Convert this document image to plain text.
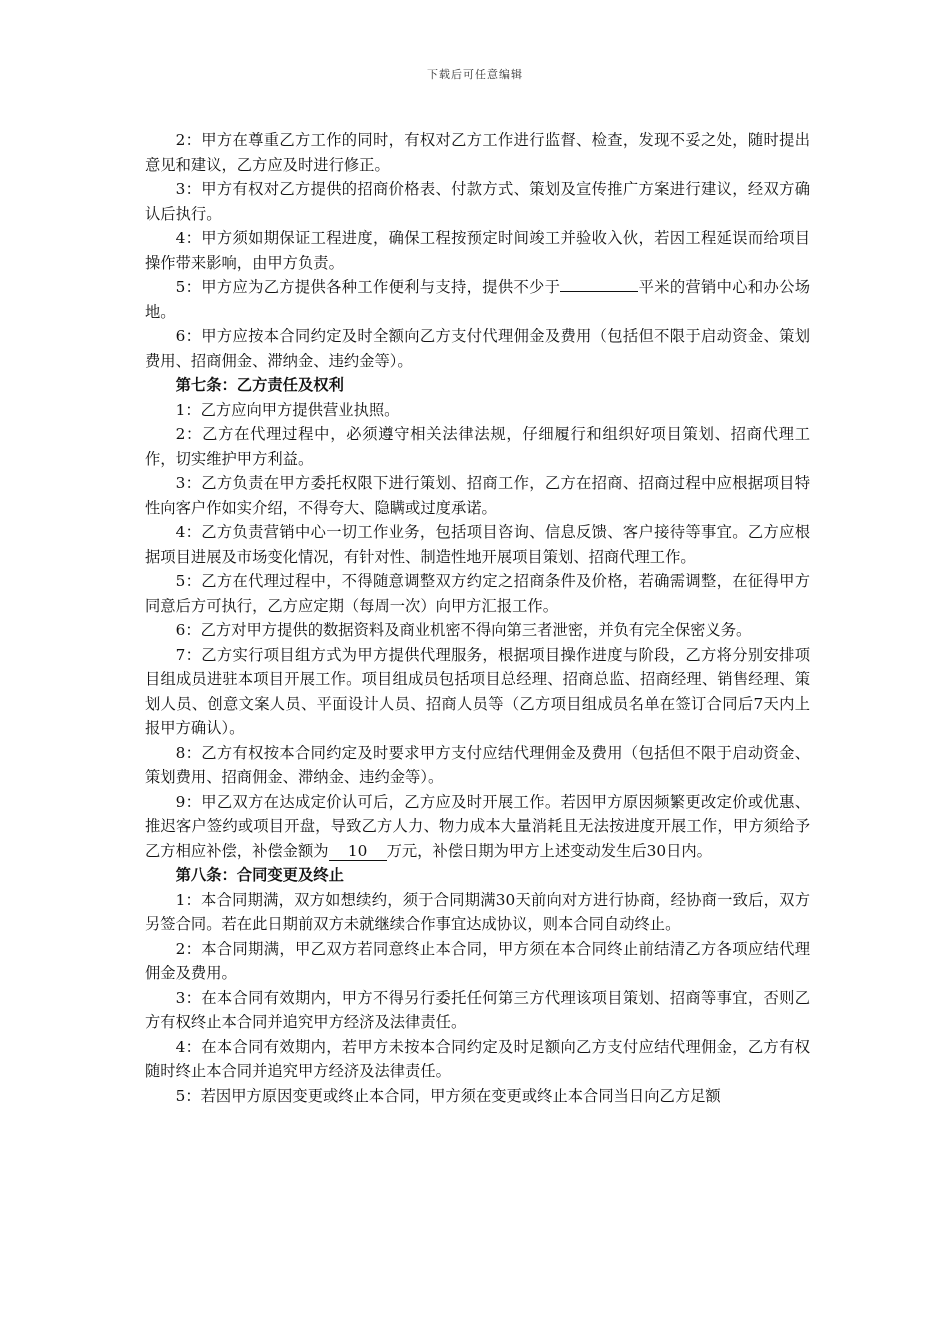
下载后可任意编辑

2：甲方在尊重乙方工作的同时，有权对乙方工作进行监督、检查，发现不妥之处，随时提出意见和建议，乙方应及时进行修正。

3：甲方有权对乙方提供的招商价格表、付款方式、策划及宣传推广方案进行建议，经双方确认后执行。

4：甲方须如期保证工程进度，确保工程按预定时间竣工并验收入伙，若因工程延误而给项目操作带来影响，由甲方负责。

5：甲方应为乙方提供各种工作便利与支持，提供不少于	平米的营销中心和办公场地。

6：甲方应按本合同约定及时全额向乙方支付代理佣金及费用（包括但不限于启动资金、策划费用、招商佣金、滞纳金、违约金等）。

第七条：乙方责任及权利

1：乙方应向甲方提供营业执照。

2：乙方在代理过程中，必须遵守相关法律法规，仔细履行和组织好项目策划、招商代理工作，切实维护甲方利益。

3：乙方负责在甲方委托权限下进行策划、招商工作，乙方在招商、招商过程中应根据项目特性向客户作如实介绍，不得夸大、隐瞒或过度承诺。

4：乙方负责营销中心一切工作业务，包括项目咨询、信息反馈、客户接待等事宜。乙方应根据项目进展及市场变化情况，有针对性、制造性地开展项目策划、招商代理工作。

5：乙方在代理过程中，不得随意调整双方约定之招商条件及价格，若确需调整，在征得甲方同意后方可执行，乙方应定期（每周一次）向甲方汇报工作。

6：乙方对甲方提供的数据资料及商业机密不得向第三者泄密，并负有完全保密义务。

7：乙方实行项目组方式为甲方提供代理服务，根据项目操作进度与阶段，乙方将分别安排项目组成员进驻本项目开展工作。项目组成员包括项目总经理、招商总监、招商经理、销售经理、策划人员、创意文案人员、平面设计人员、招商人员等（乙方项目组成员名单在签订合同后7天内上报甲方确认）。

8：乙方有权按本合同约定及时要求甲方支付应结代理佣金及费用（包括但不限于启动资金、策划费用、招商佣金、滞纳金、违约金等）。

9：甲乙双方在达成定价认可后，乙方应及时开展工作。若因甲方原因频繁更改定价或优惠、推迟客户签约或项目开盘，导致乙方人力、物力成本大量消耗且无法按进度开展工作，甲方须给予乙方相应补偿，补偿金额为 10 万元，补偿日期为甲方上述变动发生后30日内。

第八条：合同变更及终止

1：本合同期满，双方如想续约，须于合同期满30天前向对方进行协商，经协商一致后，双方另签合同。若在此日期前双方未就继续合作事宜达成协议，则本合同自动终止。

2：本合同期满，甲乙双方若同意终止本合同，甲方须在本合同终止前结清乙方各项应结代理佣金及费用。

3：在本合同有效期内，甲方不得另行委托任何第三方代理该项目策划、招商等事宜，否则乙方有权终止本合同并追究甲方经济及法律责任。

4：在本合同有效期内，若甲方未按本合同约定及时足额向乙方支付应结代理佣金，乙方有权随时终止本合同并追究甲方经济及法律责任。

5：若因甲方原因变更或终止本合同，甲方须在变更或终止本合同当日向乙方足额
